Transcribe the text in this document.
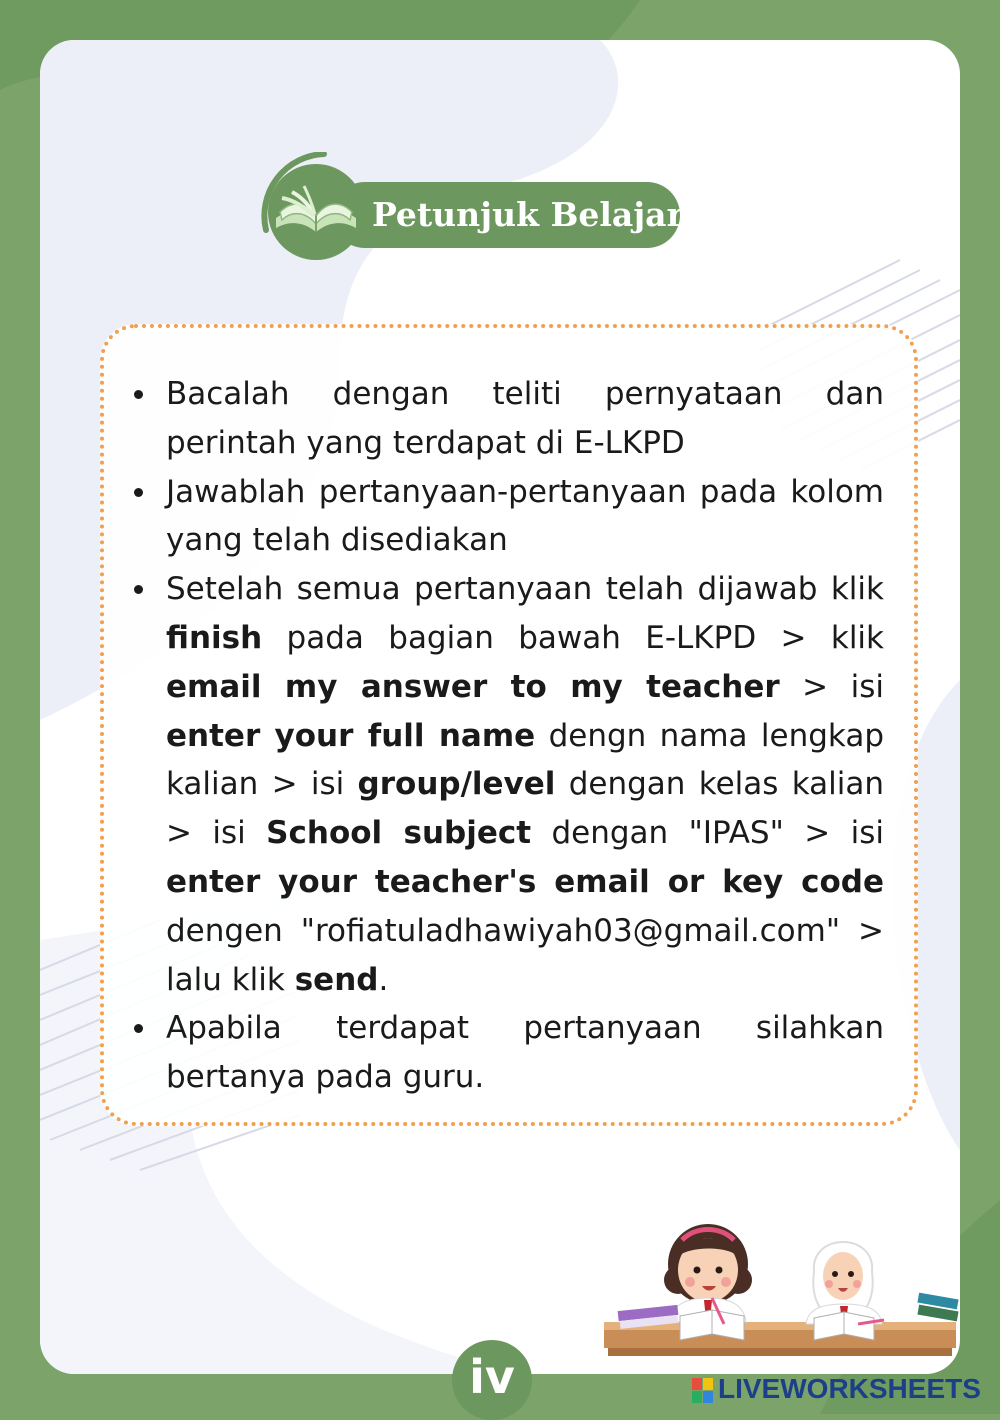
Petunjuk Belajar
Bacalah dengan teliti pernyataan dan perintah yang terdapat di E-LKPD
Jawablah pertanyaan-pertanyaan pada kolom yang telah disediakan
Setelah semua pertanyaan telah dijawab klik finish pada bagian bawah E-LKPD > klik email my answer to my teacher > isi enter your full name dengn nama lengkap kalian > isi group/level dengan kelas kalian > isi School subject dengan "IPAS" > isi enter your teacher's email or key code dengen "rofiatuladhawiyah03@gmail.com" > lalu klik send.
Apabila terdapat pertanyaan silahkan bertanya pada guru.
iv	LIVEWORKSHEETS
